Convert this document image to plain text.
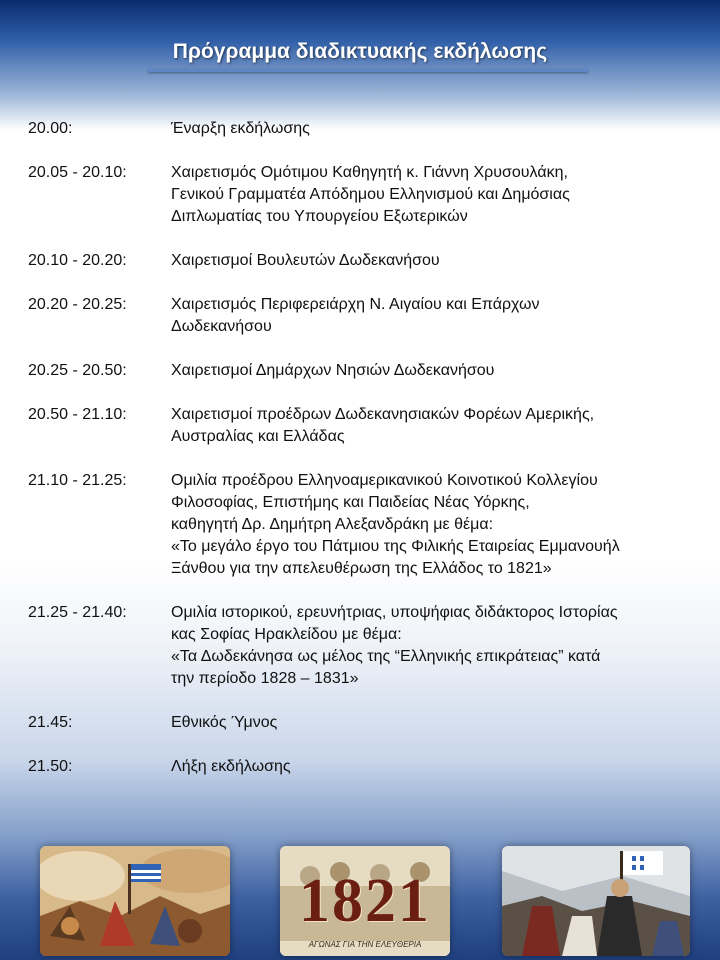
Πρόγραμμα διαδικτυακής εκδήλωσης
20.00:	Έναρξη εκδήλωσης
20.05 - 20.10:	Χαιρετισμός Ομότιμου Καθηγητή κ. Γιάννη Χρυσουλάκη,
Γενικού Γραμματέα Απόδημου Ελληνισμού και Δημόσιας
Διπλωματίας του Υπουργείου Εξωτερικών
20.10 - 20.20:	Χαιρετισμοί Βουλευτών Δωδεκανήσου
20.20 - 20.25:	Χαιρετισμός Περιφερειάρχη Ν. Αιγαίου και Επάρχων
Δωδεκανήσου
20.25 - 20.50:	Χαιρετισμοί Δημάρχων Νησιών Δωδεκανήσου
20.50 - 21.10:	Χαιρετισμοί προέδρων Δωδεκανησιακών Φορέων Αμερικής,
Αυστραλίας και Ελλάδας
21.10 - 21.25:	Ομιλία προέδρου Ελληνοαμερικανικού Κοινοτικού Κολλεγίου
Φιλοσοφίας, Επιστήμης και Παιδείας Νέας Υόρκης,
καθηγητή Δρ. Δημήτρη Αλεξανδράκη με θέμα:
«Το μεγάλο έργο του Πάτμιου της Φιλικής Εταιρείας Εμμανουήλ
Ξάνθου για την απελευθέρωση της Ελλάδος το 1821»
21.25 - 21.40:	Ομιλία ιστορικού, ερευνήτριας, υποψήφιας διδάκτορος Ιστορίας
κας Σοφίας Ηρακλείδου με θέμα:
«Τα Δωδεκάνησα ως μέλος της “Ελληνικής επικράτειας” κατά
την περίοδο 1828 – 1831»
21.45:	Εθνικός Ύμνος
21.50:	Λήξη εκδήλωσης
1821
ΑΓΩΝΑΣ ΓΙΑ ΤΗΝ ΕΛΕΥΘΕΡΙΑ
